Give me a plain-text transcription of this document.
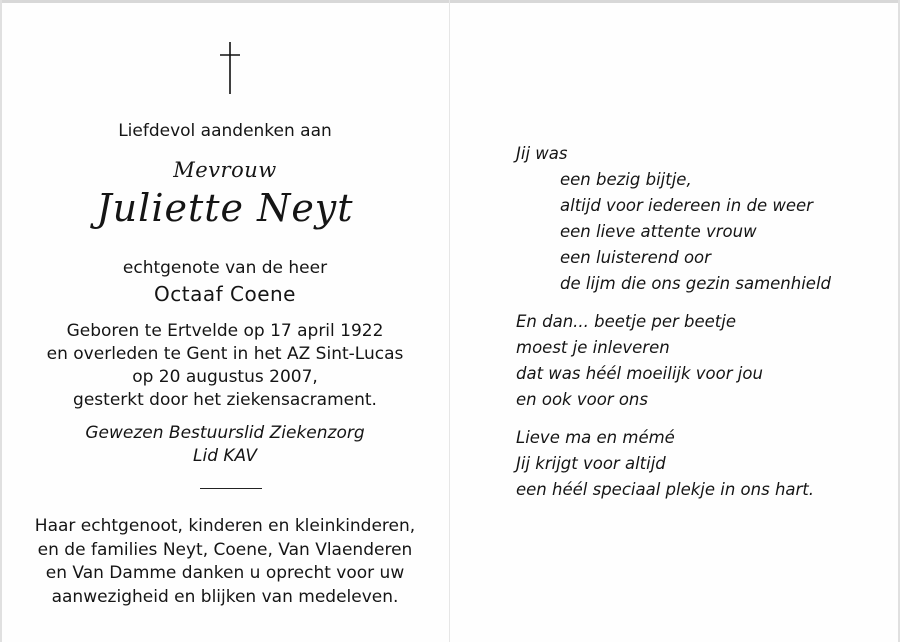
Liefdevol aandenken aan
Mevrouw
Juliette Neyt
echtgenote van de heer
Octaaf Coene
Geboren te Ertvelde op 17 april 1922
en overleden te Gent in het AZ Sint-Lucas
op 20 augustus 2007,
gesterkt door het ziekensacrament.
Gewezen Bestuurslid Ziekenzorg
Lid KAV
Haar echtgenoot, kinderen en kleinkinderen,
en de families Neyt, Coene, Van Vlaenderen
en Van Damme danken u oprecht voor uw
aanwezigheid en blijken van medeleven.
Jij was
een bezig bijtje,
altijd voor iedereen in de weer
een lieve attente vrouw
een luisterend oor
de lijm die ons gezin samenhield
En dan... beetje per beetje
moest je inleveren
dat was héél moeilijk voor jou
en ook voor ons
Lieve ma en mémé
Jij krijgt voor altijd
een héél speciaal plekje in ons hart.
